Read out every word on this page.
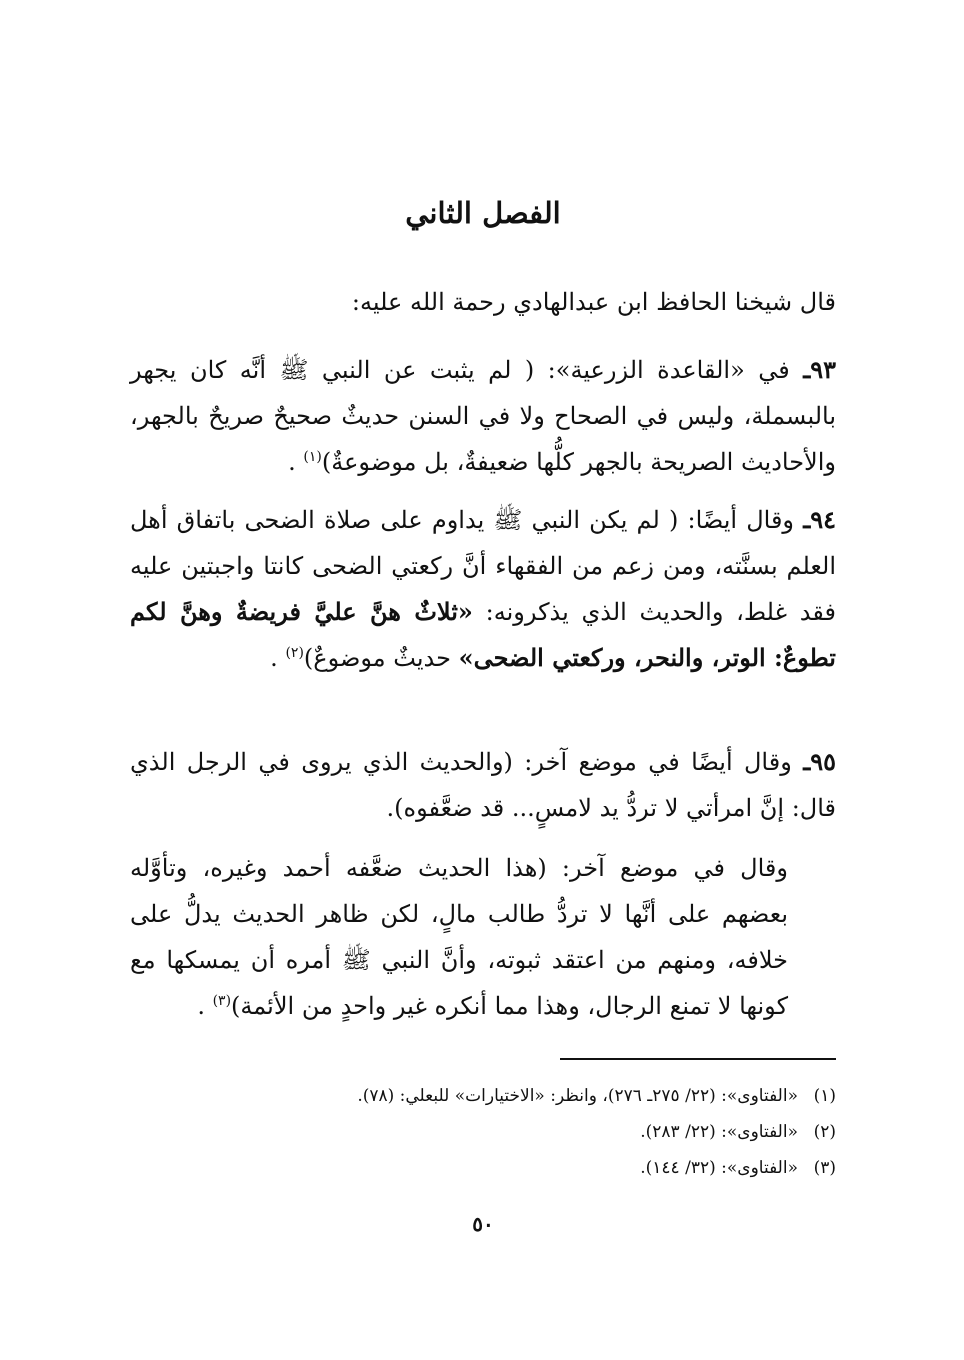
الفصل الثاني

قال شيخنا الحافظ ابن عبدالهادي رحمة الله عليه:

٩٣ـ في «القاعدة الزرعية»: ( لم يثبت عن النبي ﷺ أنَّه كان يجهر بالبسملة، وليس في الصحاح ولا في السنن حديثٌ صحيحٌ صريحٌ بالجهر، والأحاديث الصريحة بالجهر كلُّها ضعيفةٌ، بل موضوعةٌ)$^{(١)}$ .

٩٤ـ وقال أيضًا: ( لم يكن النبي ﷺ يداوم على صلاة الضحى باتفاق أهل العلم بسنَّته، ومن زعم من الفقهاء أنَّ ركعتي الضحى كانتا واجبتين عليه فقد غلط، والحديث الذي يذكرونه: «ثلاثٌ هنَّ عليَّ فريضةٌ وهنَّ لكم تطوعٌ: الوتر، والنحر، وركعتي الضحى» حديثٌ موضوعٌ)$^{(٢)}$ .

٩٥ـ وقال أيضًا في موضع آخر: (والحديث الذي يروى في الرجل الذي قال: إنَّ امرأتي لا تردُّ يد لامسٍ... قد ضعَّفوه).

وقال في موضع آخر: (هذا الحديث ضعَّفه أحمد وغيره، وتأوَّله بعضهم على أنَّها لا تردُّ طالب مالٍ، لكن ظاهر الحديث يدلُّ على خلافه، ومنهم من اعتقد ثبوته، وأنَّ النبي ﷺ أمره أن يمسكها مع كونها لا تمنع الرجال، وهذا مما أنكره غير واحدٍ من الأئمة)$^{(٣)}$ .

(١)«الفتاوى»: (٢٢/ ٢٧٥ـ ٢٧٦)، وانظر: «الاختيارات» للبعلي: (٧٨).
(٢)«الفتاوى»: (٢٢/ ٢٨٣).
(٣)«الفتاوى»: (٣٢/ ١٤٤).
٥٠
